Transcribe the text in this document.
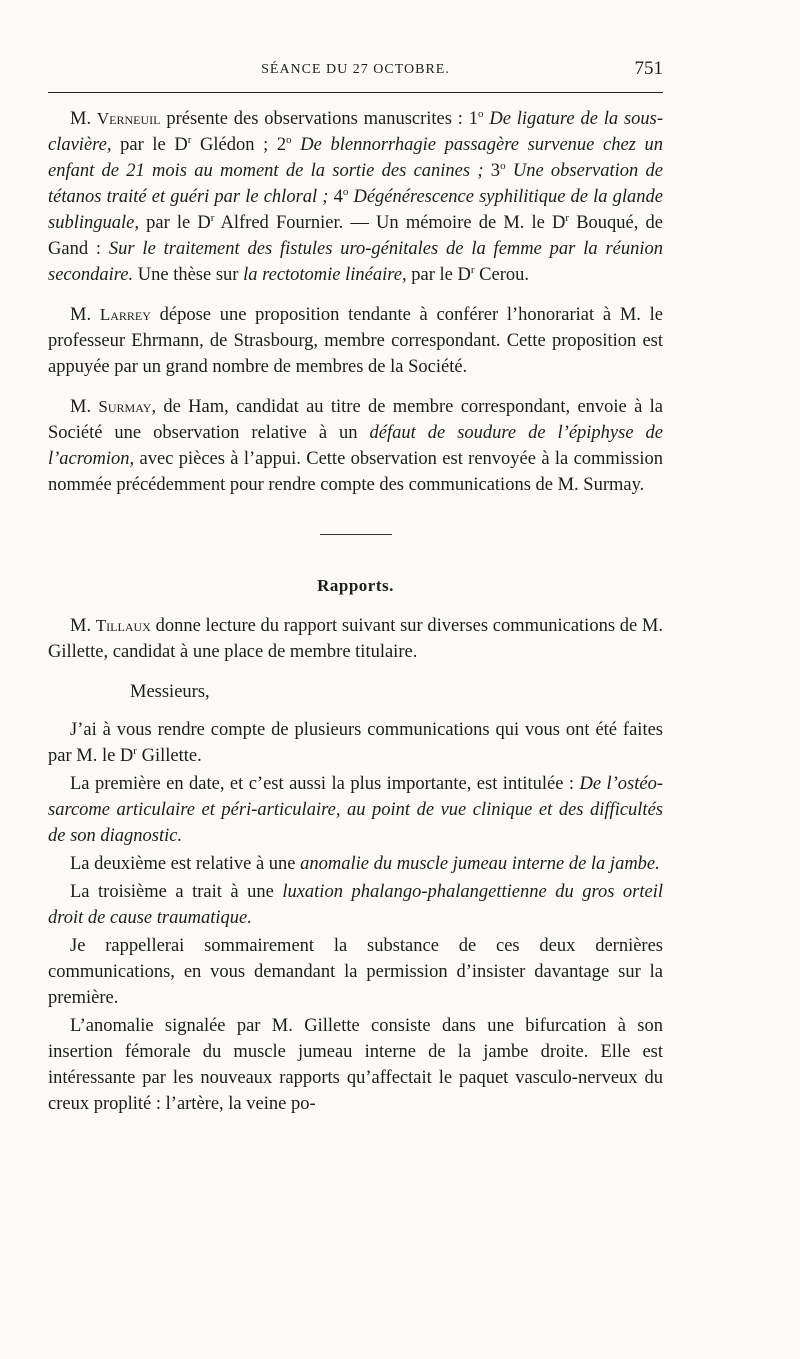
SÉANCE DU 27 OCTOBRE.	751

M. Verneuil présente des observations manuscrites : 1$^o$ De ligature de la sous-clavière, par le $D^r$ Glédon ; 2$^o$ De blennorrhagie passagère survenue chez un enfant de 21 mois au moment de la sortie des canines ; 3$^o$ Une observation de tétanos traité et guéri par le chloral ; 4$^o$ Dégénérescence syphilitique de la glande sublinguale, par le $D^r$ Alfred Fournier. — Un mémoire de M. le $D^r$ Bouqué, de Gand : Sur le traitement des fistules uro-génitales de la femme par la réunion secondaire. Une thèse sur la rectotomie linéaire, par le $D^r$ Cerou.

M. Larrey dépose une proposition tendante à conférer l’honorariat à M. le professeur Ehrmann, de Strasbourg, membre correspondant. Cette proposition est appuyée par un grand nombre de membres de la Société.

M. Surmay, de Ham, candidat au titre de membre correspondant, envoie à la Société une observation relative à un défaut de soudure de l’épiphyse de l’acromion, avec pièces à l’appui. Cette observation est renvoyée à la commission nommée précédemment pour rendre compte des communications de M. Surmay.

Rapports.

M. Tillaux donne lecture du rapport suivant sur diverses communications de M. Gillette, candidat à une place de membre titulaire.

Messieurs,

J’ai à vous rendre compte de plusieurs communications qui vous ont été faites par M. le $D^r$ Gillette.

La première en date, et c’est aussi la plus importante, est intitulée : De l’ostéo-sarcome articulaire et péri-articulaire, au point de vue clinique et des difficultés de son diagnostic.

La deuxième est relative à une anomalie du muscle jumeau interne de la jambe.

La troisième a trait à une luxation phalango-phalangettienne du gros orteil droit de cause traumatique.

Je rappellerai sommairement la substance de ces deux dernières communications, en vous demandant la permission d’insister davantage sur la première.

L’anomalie signalée par M. Gillette consiste dans une bifurcation à son insertion fémorale du muscle jumeau interne de la jambe droite. Elle est intéressante par les nouveaux rapports qu’affectait le paquet vasculo-nerveux du creux proplité : l’artère, la veine po-
